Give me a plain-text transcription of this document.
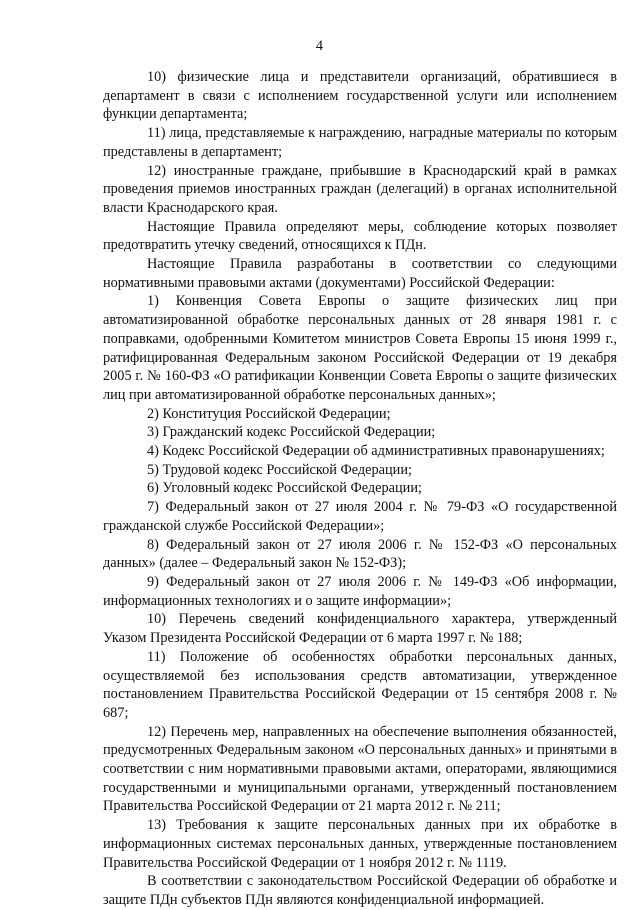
4

10) физические лица и представители организаций, обратившиеся в департамент в связи с исполнением государственной услуги или исполнением функции департамента;

11) лица, представляемые к награждению, наградные материалы по которым представлены в департамент;

12) иностранные граждане, прибывшие в Краснодарский край в рамках проведения приемов иностранных граждан (делегаций) в органах исполнительной власти Краснодарского края.

Настоящие Правила определяют меры, соблюдение которых позволяет предотвратить утечку сведений, относящихся к ПДн.

Настоящие Правила разработаны в соответствии со следующими нормативными правовыми актами (документами) Российской Федерации:

1) Конвенция Совета Европы о защите физических лиц при автоматизированной обработке персональных данных от 28 января 1981 г. с поправками, одобренными Комитетом министров Совета Европы 15 июня 1999 г., ратифицированная Федеральным законом Российской Федерации от 19 декабря 2005 г. № 160-ФЗ «О ратификации Конвенции Совета Европы о защите физических лиц при автоматизированной обработке персональных данных»;

2) Конституция Российской Федерации;

3) Гражданский кодекс Российской Федерации;

4) Кодекс Российской Федерации об административных правонарушениях;

5) Трудовой кодекс Российской Федерации;

6) Уголовный кодекс Российской Федерации;

7) Федеральный закон от 27 июля 2004 г. № 79-ФЗ «О государственной гражданской службе Российской Федерации»;

8) Федеральный закон от 27 июля 2006 г. № 152-ФЗ «О персональных данных» (далее – Федеральный закон № 152-ФЗ);

9) Федеральный закон от 27 июля 2006 г. № 149-ФЗ «Об информации, информационных технологиях и о защите информации»;

10) Перечень сведений конфиденциального характера, утвержденный Указом Президента Российской Федерации от 6 марта 1997 г. № 188;

11) Положение об особенностях обработки персональных данных, осуществляемой без использования средств автоматизации, утвержденное постановлением Правительства Российской Федерации от 15 сентября 2008 г. № 687;

12) Перечень мер, направленных на обеспечение выполнения обязанностей, предусмотренных Федеральным законом «О персональных данных» и принятыми в соответствии с ним нормативными правовыми актами, операторами, являющимися государственными и муниципальными органами, утвержденный постановлением Правительства Российской Федерации от 21 марта 2012 г. № 211;

13) Требования к защите персональных данных при их обработке в информационных системах персональных данных, утвержденные постановлением Правительства Российской Федерации от 1 ноября 2012 г. № 1119.

В соответствии с законодательством Российской Федерации об обработке и защите ПДн субъектов ПДн являются конфиденциальной информацией.
